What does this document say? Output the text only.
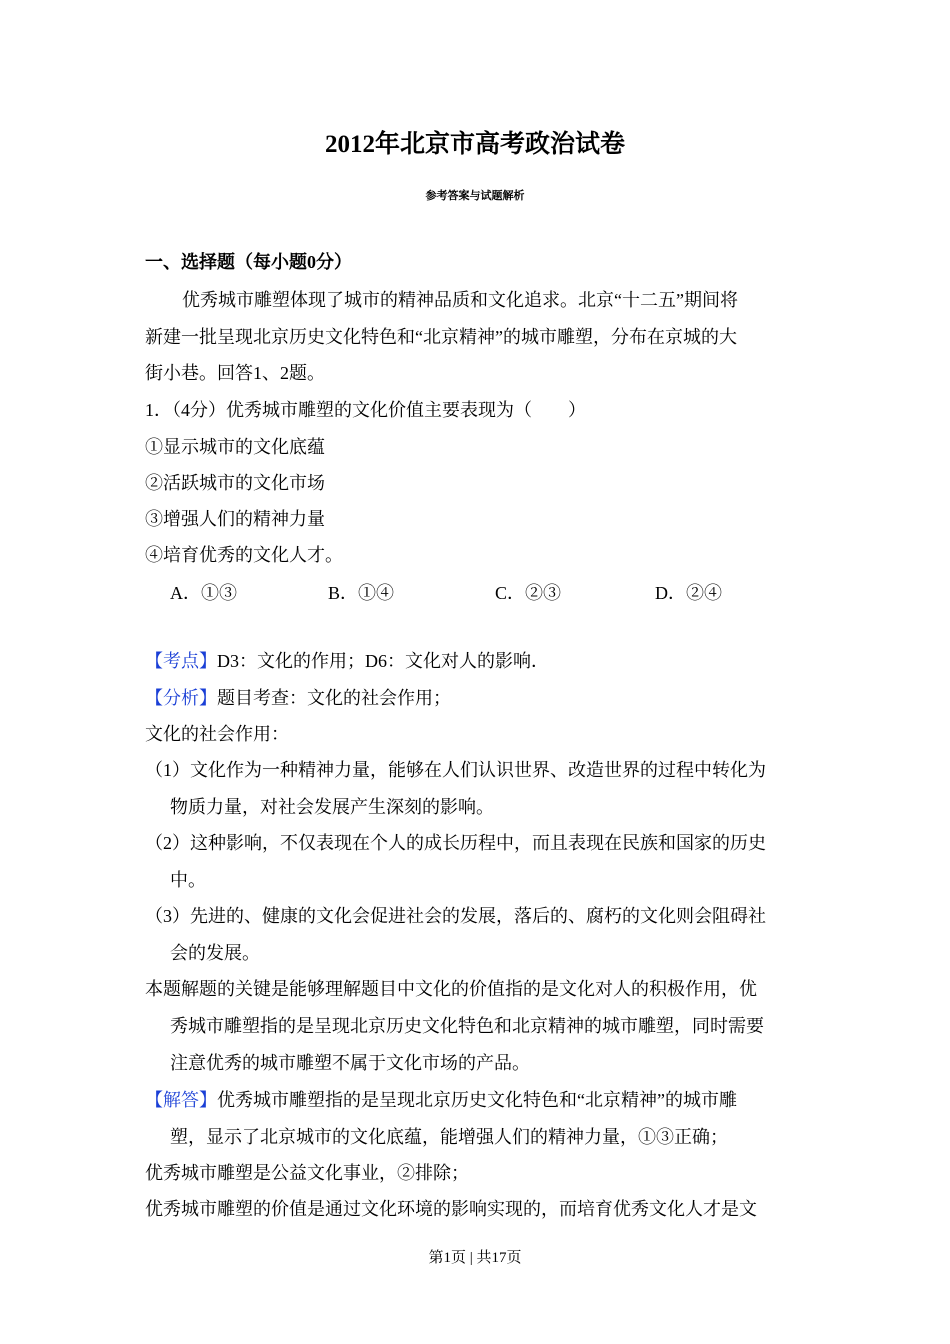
2012年北京市高考政治试卷
参考答案与试题解析
一、选择题（每小题0分）
优秀城市雕塑体现了城市的精神品质和文化追求。北京“十二五”期间将
新建一批呈现北京历史文化特色和“北京精神”的城市雕塑，分布在京城的大
街小巷。回答1、2题。
1．（4分）优秀城市雕塑的文化价值主要表现为（　　）
①显示城市的文化底蕴
②活跃城市的文化市场
③增强人们的精神力量
④培育优秀的文化人才。
A．①③	B．①④	C．②③	D．②④
【考点】D3：文化的作用；D6：文化对人的影响．
【分析】题目考查：文化的社会作用；
文化的社会作用：
（1）文化作为一种精神力量，能够在人们认识世界、改造世界的过程中转化为
物质力量，对社会发展产生深刻的影响。
（2）这种影响，不仅表现在个人的成长历程中，而且表现在民族和国家的历史
中。
（3）先进的、健康的文化会促进社会的发展，落后的、腐朽的文化则会阻碍社
会的发展。
本题解题的关键是能够理解题目中文化的价值指的是文化对人的积极作用，优
秀城市雕塑指的是呈现北京历史文化特色和北京精神的城市雕塑，同时需要
注意优秀的城市雕塑不属于文化市场的产品。
【解答】优秀城市雕塑指的是呈现北京历史文化特色和“北京精神”的城市雕
塑，显示了北京城市的文化底蕴，能增强人们的精神力量，①③正确；
优秀城市雕塑是公益文化事业，②排除；
优秀城市雕塑的价值是通过文化环境的影响实现的，而培育优秀文化人才是文
第1页 | 共17页
